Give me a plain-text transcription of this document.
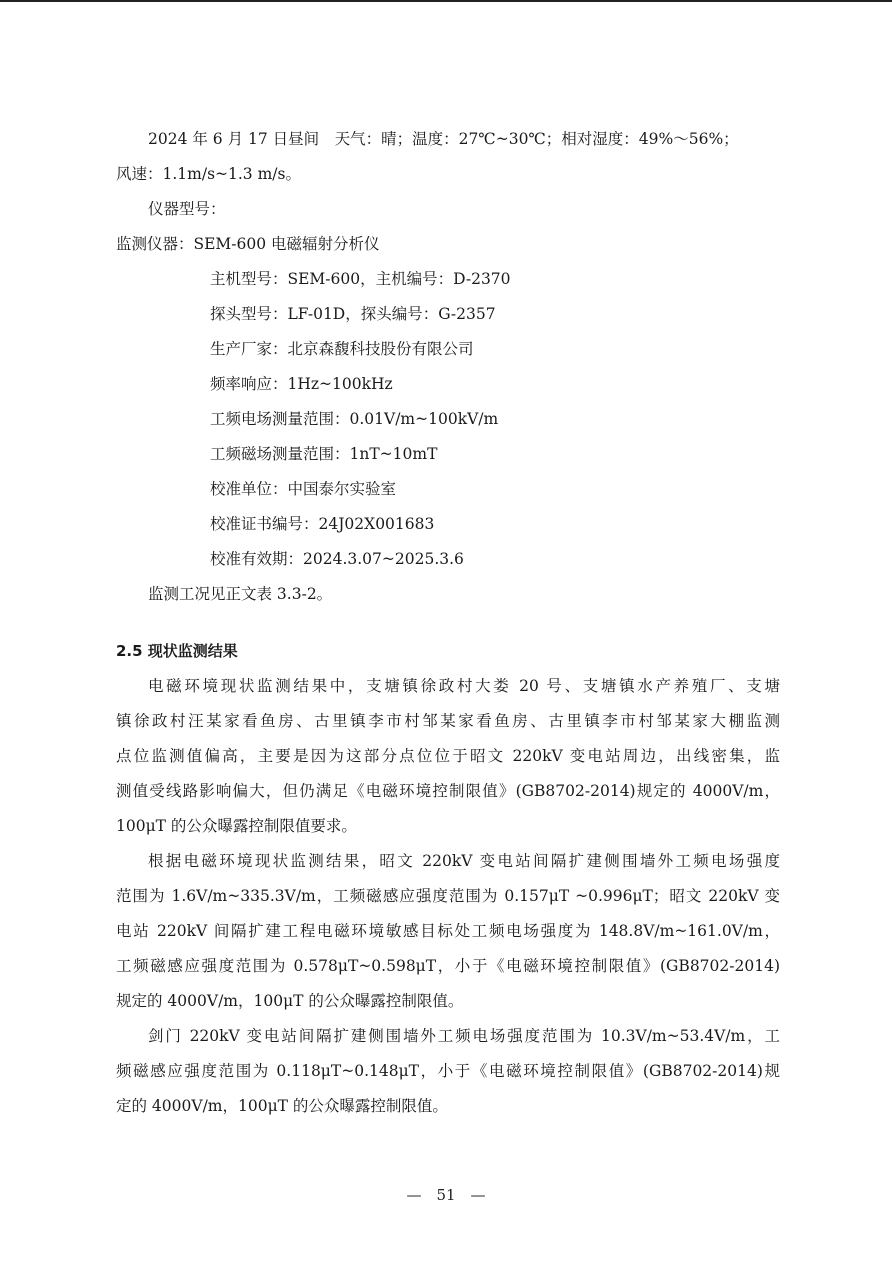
2024 年 6 月 17 日昼间　天气：晴；温度：27℃~30℃；相对湿度：49%～56%；
风速：1.1m/s~1.3 m/s。
仪器型号：
监测仪器：SEM-600 电磁辐射分析仪
主机型号：SEM-600，主机编号：D-2370
探头型号：LF-01D，探头编号：G-2357
生产厂家：北京森馥科技股份有限公司
频率响应：1Hz~100kHz
工频电场测量范围：0.01V/m~100kV/m
工频磁场测量范围：1nT~10mT
校准单位：中国泰尔实验室
校准证书编号：24J02X001683
校准有效期：2024.3.07~2025.3.6
监测工况见正文表 3.3-2。
2.5 现状监测结果
电磁环境现状监测结果中，支塘镇徐政村大娄 20 号、支塘镇水产养殖厂、支塘
镇徐政村汪某家看鱼房、古里镇李市村邹某家看鱼房、古里镇李市村邹某家大棚监测
点位监测值偏高，主要是因为这部分点位位于昭文 220kV 变电站周边，出线密集，监
测值受线路影响偏大，但仍满足《电磁环境控制限值》(GB8702-2014)规定的 4000V/m，
100μT 的公众曝露控制限值要求。
根据电磁环境现状监测结果，昭文 220kV 变电站间隔扩建侧围墙外工频电场强度
范围为 1.6V/m~335.3V/m，工频磁感应强度范围为 0.157μT ~0.996μT；昭文 220kV 变
电站 220kV 间隔扩建工程电磁环境敏感目标处工频电场强度为 148.8V/m~161.0V/m，
工频磁感应强度范围为 0.578μT~0.598μT，小于《电磁环境控制限值》(GB8702-2014)
规定的 4000V/m，100μT 的公众曝露控制限值。
剑门 220kV 变电站间隔扩建侧围墙外工频电场强度范围为 10.3V/m~53.4V/m，工
频磁感应强度范围为 0.118μT~0.148μT，小于《电磁环境控制限值》(GB8702-2014)规
定的 4000V/m，100μT 的公众曝露控制限值。
—　51　—
